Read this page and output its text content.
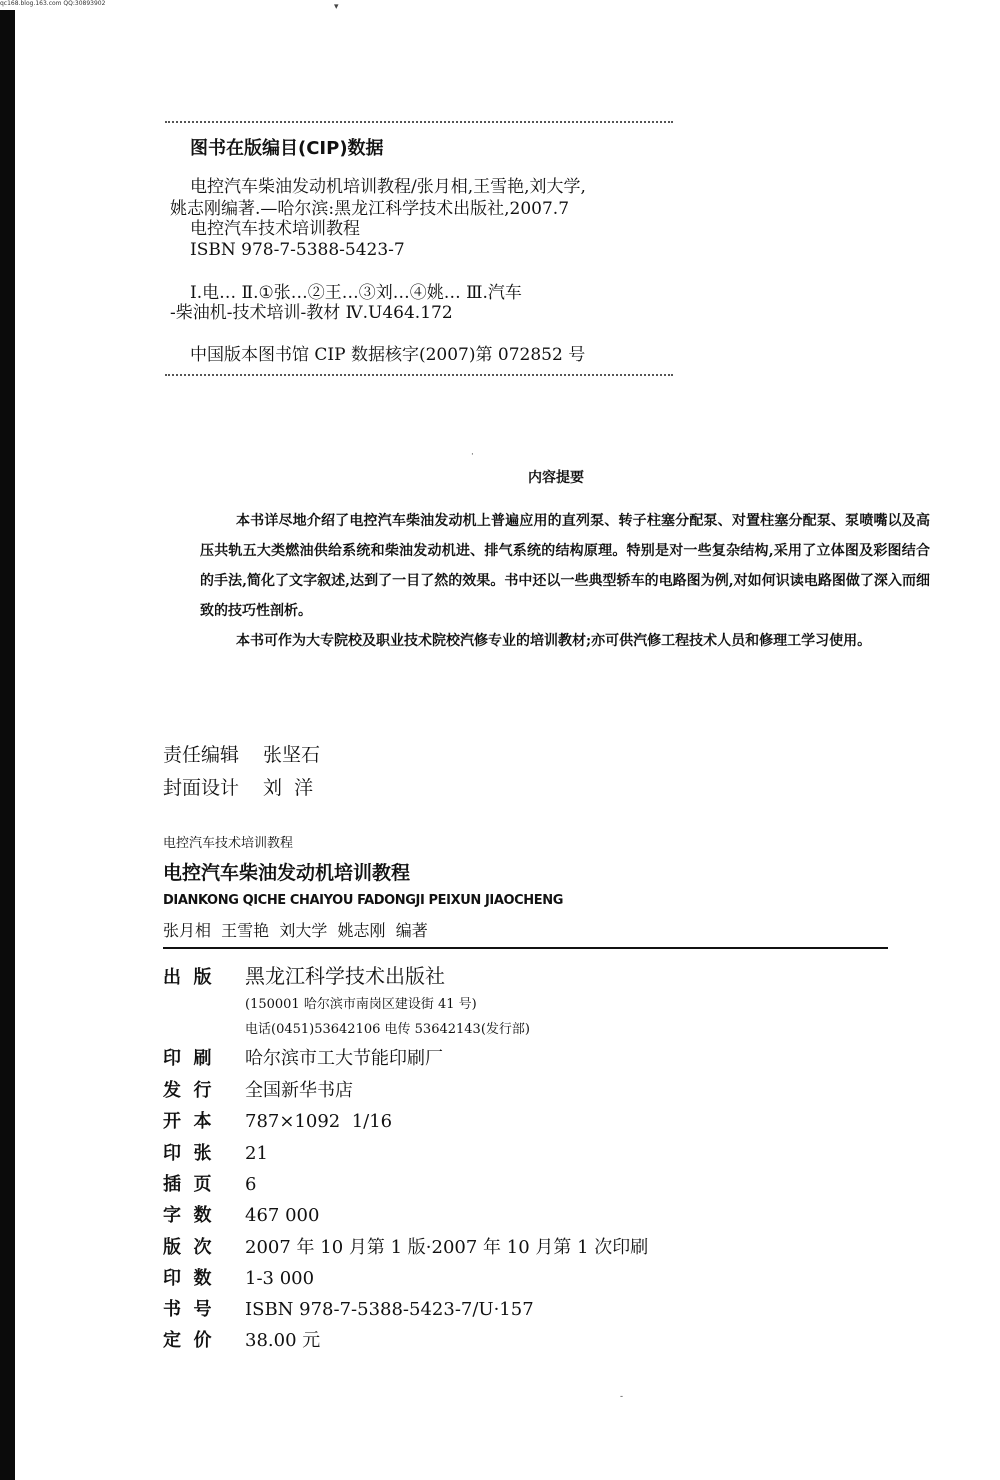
qc168.blog.163.com QQ:30893902	▾
图书在版编目(CIP)数据
电控汽车柴油发动机培训教程/张月相,王雪艳,刘大学,
姚志刚编著.—哈尔滨:黑龙江科学技术出版社,2007.7
电控汽车技术培训教程
ISBN 978-7-5388-5423-7
Ⅰ.电… Ⅱ.①张…②王…③刘…④姚… Ⅲ.汽车
-柴油机-技术培训-教材 Ⅳ.U464.172
中国版本图书馆 CIP 数据核字(2007)第 072852 号
·
内容提要

本书详尽地介绍了电控汽车柴油发动机上普遍应用的直列泵、转子柱塞分配泵、对置柱塞分配泵、泵喷嘴以及高压共轨五大类燃油供给系统和柴油发动机进、排气系统的结构原理。特别是对一些复杂结构,采用了立体图及彩图结合的手法,简化了文字叙述,达到了一目了然的效果。书中还以一些典型轿车的电路图为例,对如何识读电路图做了深入而细致的技巧性剖析。

本书可作为大专院校及职业技术院校汽修专业的培训教材;亦可供汽修工程技术人员和修理工学习使用。

责任编辑 张坚石
封面设计 刘  洋
电控汽车技术培训教程
电控汽车柴油发动机培训教程
DIANKONG QICHE CHAIYOU FADONGJI PEIXUN JIAOCHENG
张月相  王雪艳  刘大学  姚志刚  编著
出  版 黑龙江科学技术出版社
(150001 哈尔滨市南岗区建设街 41 号)
电话(0451)53642106 电传 53642143(发行部)
印  刷 哈尔滨市工大节能印刷厂
发  行 全国新华书店
开  本 787×1092  1/16
印  张 21
插  页 6
字  数 467 000
版  次 2007 年 10 月第 1 版·2007 年 10 月第 1 次印刷
印  数 1-3 000
书  号 ISBN 978-7-5388-5423-7/U·157
定  价 38.00 元
-
